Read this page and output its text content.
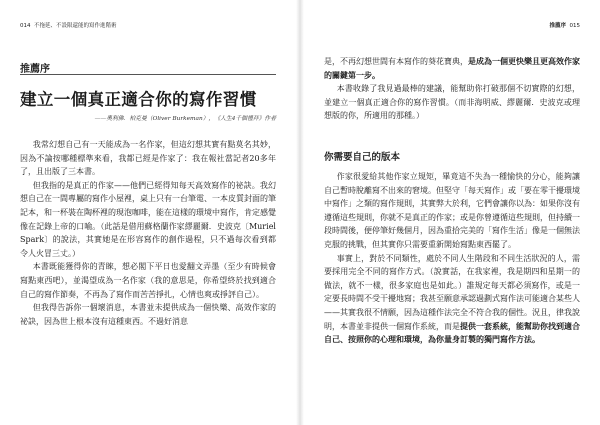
014 不拖延、不設限還能的寫作進階術
推薦序
建立一個真正適合你的寫作習慣
——奧利佛．柏克曼（Oliver Burkeman），《人生4千個禮拜》作者

我常幻想自己有一天能成為一名作家，但這幻想其實有點莫名其妙，因為不論按哪種標準來看，我都已經是作家了：我在報社當記者20多年了，且出版了三本書。

但我指的是真正的作家——他們已經得知每天高效寫作的祕訣。我幻想自己在一間專屬的寫作小屋裡，桌上只有一台筆電、一本皮質封面的筆記本，和一杯裝在陶杯裡的現泡咖啡，能在這樣的環境中寫作，肯定感覺像在記錄上帝的口喻。（此話是借用蘇格蘭作家繆麗爾．史波克〔Muriel Spark〕的說法，其實她是在形容寫作的創作過程，只不過每次看到都令人火冒三丈。）

本書既能獲得你的青睞，想必閣下平日也愛翻文弄墨（至少有時候會寫點東西吧），並渴望成為一名作家（我的意思是，你希望終於找到適合自己的寫作節奏，不再為了寫作而苦苦掙扎，心情也爽或掙評自己）。

但我得告訴你一個壞消息，本書並未提供成為一個快樂、高效作家的祕訣，因為世上根本沒有這種東西。不過好消息

推薦序 015

是，不再幻想世間有本寫作的葵花寶典，是成為一個更快樂且更高效作家的關鍵第一步。

本書收錄了我見過最棒的建議，能幫助你打破那個不切實際的幻想，並建立一個真正適合你的寫作習慣。（而非海明威、繆麗爾．史波克或理想版的你，所適用的那種。）

你需要自己的版本

作家很愛給其他作家立規矩，畢竟這不失為一種愉快的分心，能夠讓自己暫時脫離寫不出來的窘境。但堅守「每天寫作」或「要在零干擾環境中寫作」之類的寫作規則，其實弊大於利，它們會讓你以為：如果你沒有遵循這些規則，你就不是真正的作家；或是你曾遵循這些規則，但持續一段時間後，便停筆好幾個月，因為重拾完美的「寫作生活」像是一個無法克服的挑戰，但其實你只需要重新開始寫點東西罷了。

事實上，對於不同類性，處於不同人生階段和不同生活狀況的人，需要採用完全不同的寫作方式。（說實話，在我家裡，我是期四和星期一的做法，就不一樣，很多家庭也是如此。）誰規定每天都必須寫作，或是一定要長時間不受干擾地寫；我甚至願意承認過劃式寫作法可能適合某些人——其實我很不情願，因為這種作法完全不符合我的個性。況且，律我說明，本書並非提供一個寫作系統，而是提供一套系統，能幫助你找到適合自己、按照你的心理和環境，為你量身訂製的獨門寫作方法。
